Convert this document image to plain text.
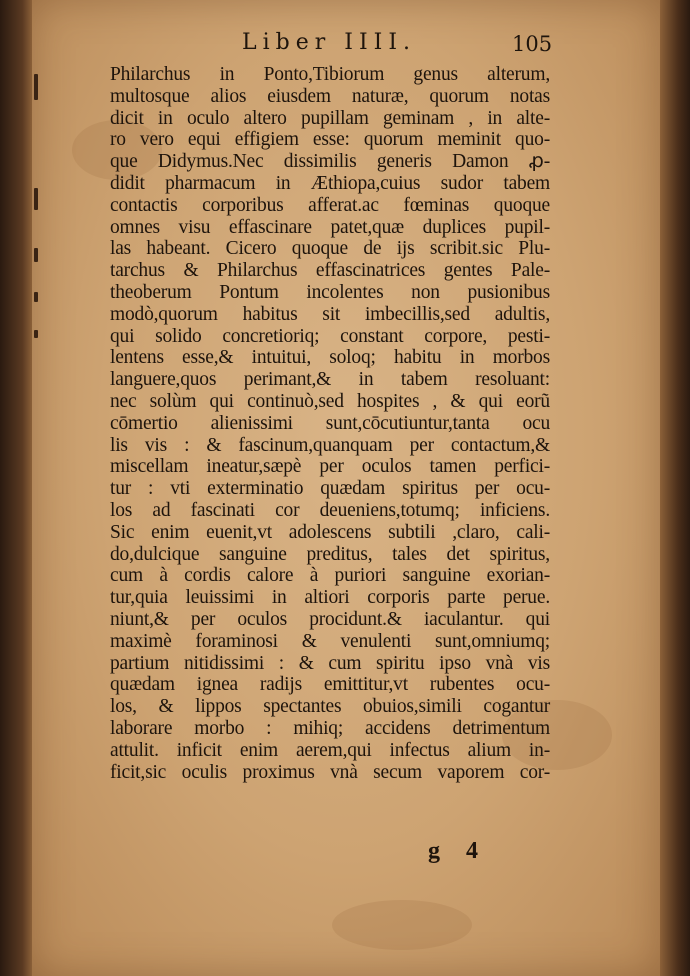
Liber IIII.	105
Philarchus in Ponto,Tibiorum genus alterum,
multosque alios eiusdem naturæ, quorum notas
dicit in oculo altero pupillam geminam , in alte-
ro vero equi effigiem esse: quorum meminit quo-
que Didymus.Nec dissimilis generis Damon ꝓ-
didit pharmacum in Æthiopa,cuius sudor tabem
contactis corporibus afferat.ac fœminas quoque
omnes visu effascinare patet,quæ duplices pupil-
las habeant. Cicero quoque de ijs scribit.sic Plu-
tarchus & Philarchus effascinatrices gentes Pale-
theoberum Pontum incolentes non pusionibus
modò,quorum habitus sit imbecillis,sed adultis,
qui solido concretioriq; constant corpore, pesti-
lentens esse,& intuitui, soloq; habitu in morbos
languere,quos perimant,& in tabem resoluant:
nec solùm qui continuò,sed hospites , & qui eorũ
cōmertio alienissimi sunt,cōcutiuntur,tanta ocu
lis vis : & fascinum,quanquam per contactum,&
miscellam ineatur,sæpè per oculos tamen perfici-
tur : vti exterminatio quædam spiritus per ocu-
los ad fascinati cor deueniens,totumq; inficiens.
Sic enim euenit,vt adolescens subtili ,claro, cali-
do,dulcique sanguine preditus, tales det spiritus,
cum à cordis calore à puriori sanguine exorian-
tur,quia leuissimi in altiori corporis parte perue.
niunt,& per oculos procidunt.& iaculantur. qui
maximè foraminosi & venulenti sunt,omniumq;
partium nitidissimi : & cum spiritu ipso vnà vis
quædam ignea radijs emittitur,vt rubentes ocu-
los, & lippos spectantes obuios,simili cogantur
laborare morbo : mihiq; accidens detrimentum
attulit. inficit enim aerem,qui infectus alium in-
ficit,sic oculis proximus vnà secum vaporem cor-
g 4
